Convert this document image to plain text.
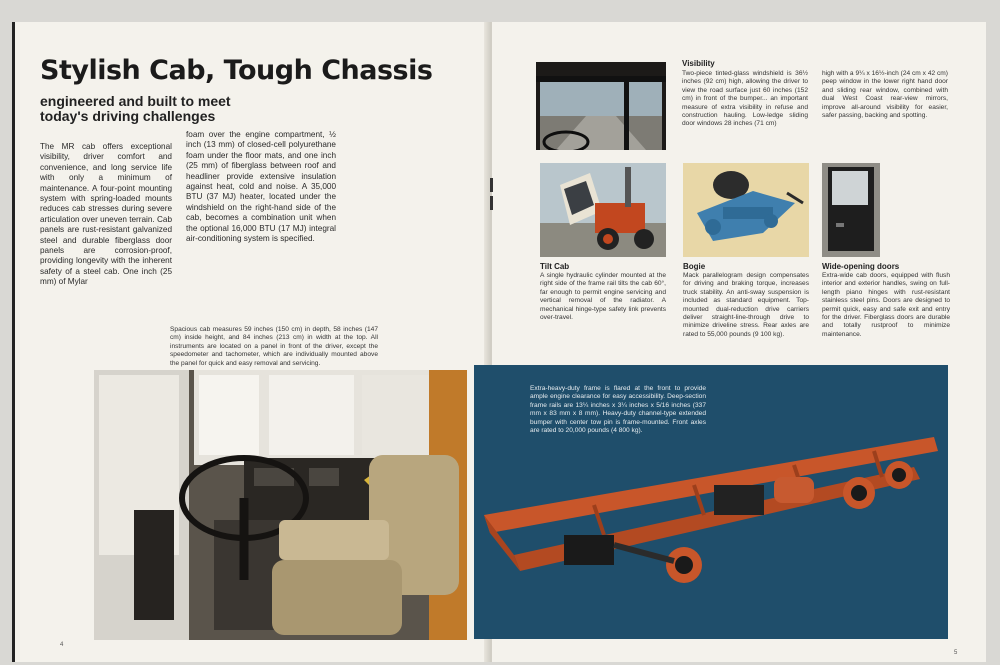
Stylish Cab, Tough Chassis
engineered and built to meet today's driving challenges

The MR cab offers exceptional visibility, driver comfort and convenience, and long service life with only a minimum of maintenance. A four-point mounting system with spring-loaded mounts reduces cab stresses during severe articulation over uneven terrain. Cab panels are rust-resistant galvanized steel and durable fiberglass door panels are corrosion-proof, providing longevity with the inherent safety of a steel cab. One inch (25 mm) of Mylar

foam over the engine compartment, ½ inch (13 mm) of closed-cell polyurethane foam under the floor mats, and one inch (25 mm) of fiberglass between roof and headliner provide extensive insulation against heat, cold and noise. A 35,000 BTU (37 MJ) heater, located under the windshield on the right-hand side of the cab, becomes a combination unit when the optional 16,000 BTU (17 MJ) integral air-conditioning system is specified.

Spacious cab measures 59 inches (150 cm) in depth, 58 inches (147 cm) inside height, and 84 inches (213 cm) in width at the top. All instruments are located on a panel in front of the driver, except the speedometer and tachometer, which are individually mounted above the panel for quick and easy removal and servicing.

4

Visibility

Two-piece tinted-glass windshield is 36½ inches (92 cm) high, allowing the driver to view the road surface just 60 inches (152 cm) in front of the bumper... an important measure of extra visibility in refuse and construction hauling. Low-ledge sliding door windows 28 inches (71 cm)

high with a 9¼ x 16½-inch (24 cm x 42 cm) peep window in the lower right hand door and sliding rear window, combined with dual West Coast rear-view mirrors, improve all-around visibility for easier, safer passing, backing and spotting.

Tilt Cab

A single hydraulic cylinder mounted at the right side of the frame rail tilts the cab 60°, far enough to permit engine servicing and vertical removal of the radiator. A mechanical hinge-type safety link prevents over-travel.

Bogie

Mack parallelogram design compensates for driving and braking torque, increases truck stability. An anti-sway suspension is included as standard equipment. Top-mounted dual-reduction drive carriers deliver straight-line-through drive to minimize driveline stress. Rear axles are rated to 55,000 pounds (9 100 kg).

Wide-opening doors

Extra-wide cab doors, equipped with flush interior and exterior handles, swing on full-length piano hinges with rust-resistant stainless steel pins. Doors are designed to permit quick, easy and safe exit and entry for the driver. Fiberglass doors are durable and totally rustproof to minimize maintenance.

Extra-heavy-duty frame is flared at the front to provide ample engine clearance for easy accessibility. Deep-section frame rails are 13¼ inches x 3¼ inches x 5/16 inches (337 mm x 83 mm x 8 mm). Heavy-duty channel-type extended bumper with center tow pin is frame-mounted. Front axles are rated to 20,000 pounds (4 800 kg).

5
